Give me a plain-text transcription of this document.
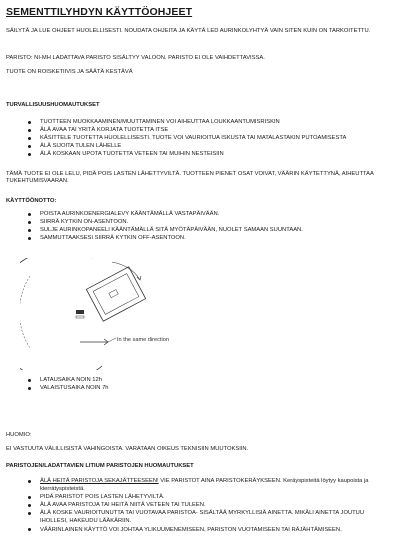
SEMENTTILYHDYN KÄYTTÖOHJEET
SÄILYTÄ JA LUE OHJEET HUOLELLISESTI. NOUDATA OHJEITA JA KÄYTÄ LED AURINKOLYHTYÄ VAIN SITEN KUIN ON TARKOITETTU.
PARISTO: NI-MH LADATTAVA PARISTO SISÄLTYY VALOON. PARISTO EI OLE VAIHDETTAVISSA.
TUOTE ON ROISKETIIVIS JA SÄÄTÄ KESTÄVÄ
TURVALLISUUSHUOMAUTUKSET
TUOTTEEN MUOKKAAMINEN/MUUTTAMINEN VOI AIHEUTTAA LOUKKAANTUMISRISKIN
ÄLÄ AVAA TAI YRITÄ KORJATA TUOTETTA ITSE
KÄSITTELE TUOTETTA HUOLELLISESTI. TUOTE VOI VAURIOITUA ISKUSTA TAI MATALASTAKIN PUTOAMISESTA
ÄLÄ SIJOITA TULEN LÄHELLE
ÄLÄ KOSKAAN UPOTA TUOTETTA VETEEN TAI MUIHIN NESTEISIIN
TÄMÄ TUOTE EI OLE LELU, PIDÄ POIS LASTEN LÄHETTYVILTÄ. TUOTTEEN PIENET OSAT VOIVAT, VÄÄRIN KÄYTETTYNÄ, AIHEUTTAA TUKEHTUMISVAARAN.
KÄYTTÖÖNOTTO:
POISTA AURINKOENERGIALEVY KÄÄNTÄMÄLLÄ VASTAPÄIVÄÄN.
SIIRRÄ KYTKIN ON-ASENTOON.
SULJE AURINKOPANEELI KÄÄNTÄMÄLLÄ SITÄ MYÖTÄPÄIVÄÄN, NUOLET SAMAAN SUUNTAAN.
SAMMUTTAAKSESI SIIRRÄ KYTKIN OFF-ASENTOON.
In the same direction
LATAUSAIKA NOIN 12h
VALAISTUSAIKA NOIN 7h
HUOMIO:
EI VASTUUTA VÄLILLISISTÄ VAHINGOISTA. VARATAAN OIKEUS TEKNISIIN MUUTOKSIIN.
PARISTOJEN/LADATTAVIEN LITIUM PARISTOJEN HUOMAUTUKSET
ÄLÄ HEITÄ PARISTOJA SEKAJÄTTEESEEN! VIE PARISTOT AINA PARISTOKERÄYKSEEN. Keräyspisteitä löytyy kaupoista ja kierrätyspisteistä.
PIDÄ PARISTOT POIS LASTEN LÄHETYVILTÄ.
ÄLÄ AVAA PARISTOJA TAI HEITÄ NIITÄ VETEEN TAI TULEEN.
ÄLÄ KOSKE VAURIOITUNUTTA TAI VUOTAVAA PARISTOA- SISÄLTÄÄ MYRKYLLISIÄ AINETTA. MIKÄLI AINETTA JOUTUU IHOLLESI, HAKEUDU LÄÄKÄRIIN.
VÄÄRINLAINEN KÄYTTÖ VOI JOHTAA YLIKUUMENEMISEEN, PARISTON VUOTAMISEEN TAI RÄJÄHTÄMISEEN.
